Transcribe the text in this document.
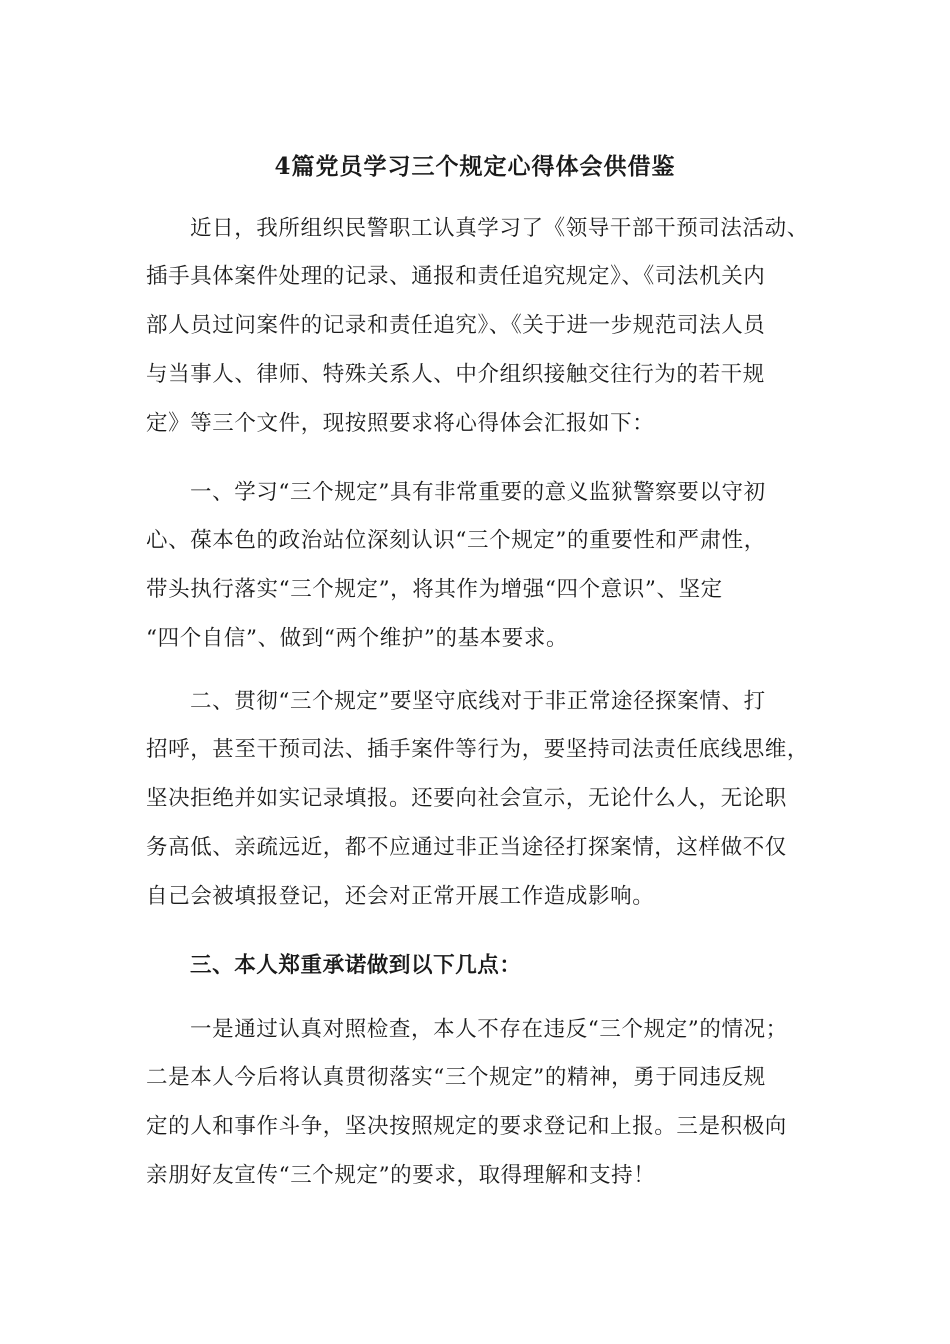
4篇党员学习三个规定心得体会供借鉴
近日，我所组织民警职工认真学习了《领导干部干预司法活动、
插手具体案件处理的记录、通报和责任追究规定》、《司法机关内
部人员过问案件的记录和责任追究》、《关于进一步规范司法人员
与当事人、律师、特殊关系人、中介组织接触交往行为的若干规
定》等三个文件，现按照要求将心得体会汇报如下：
一、学习“三个规定”具有非常重要的意义监狱警察要以守初
心、葆本色的政治站位深刻认识“三个规定”的重要性和严肃性，
带头执行落实“三个规定”，将其作为增强“四个意识”、坚定
“四个自信”、做到“两个维护”的基本要求。
二、贯彻“三个规定”要坚守底线对于非正常途径探案情、打
招呼，甚至干预司法、插手案件等行为，要坚持司法责任底线思维，
坚决拒绝并如实记录填报。还要向社会宣示，无论什么人，无论职
务高低、亲疏远近，都不应通过非正当途径打探案情，这样做不仅
自己会被填报登记，还会对正常开展工作造成影响。
三、本人郑重承诺做到以下几点：
一是通过认真对照检查，本人不存在违反“三个规定”的情况；
二是本人今后将认真贯彻落实“三个规定”的精神，勇于同违反规
定的人和事作斗争，坚决按照规定的要求登记和上报。三是积极向
亲朋好友宣传“三个规定”的要求，取得理解和支持！
